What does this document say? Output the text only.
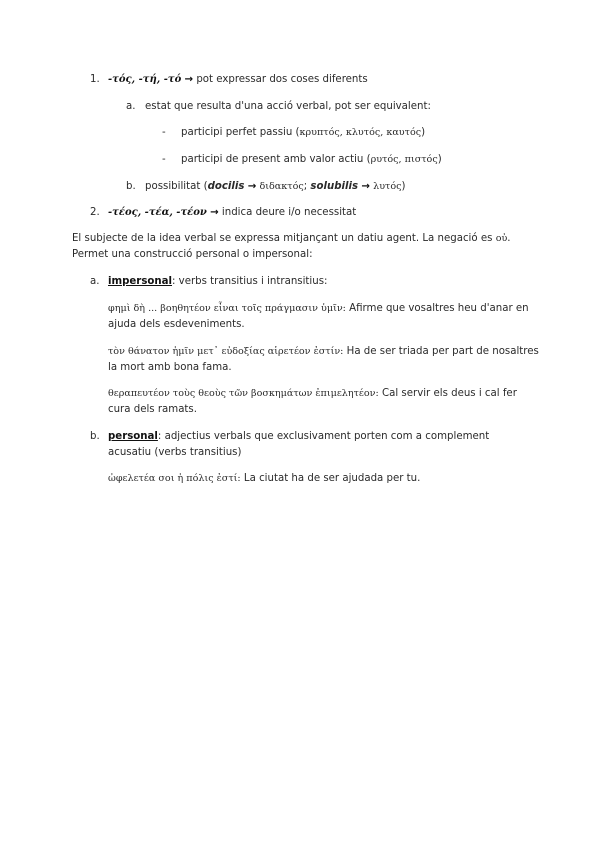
1. -τός, -τή, -τό → pot expressar dos coses diferents
a. estat que resulta d'una acció verbal, pot ser equivalent:
- participi perfet passiu (κρυπτός, κλυτός, καυτός)
- participi de present amb valor actiu (ρυτός, πιστός)
b. possibilitat (docilis → διδακτός; solubilis → λυτός)
2. -τέος, -τέα, -τέον → indica deure i/o necessitat
El subjecte de la idea verbal se expressa mitjançant un datiu agent. La negació es οὐ.
Permet una construcció personal o impersonal:
a. impersonal: verbs transitius i intransitius:
φημὶ δὴ ... βοηθητέον εἶναι τοῖς πράγμασιν ὑμῖν: Afirme que vosaltres heu d'anar en
ajuda dels esdeveniments.
τὸν θάνατον ἡμῖν μετ᾽ εὐδοξίας αἱρετέον ἐστίν: Ha de ser triada per part de nosaltres
la mort amb bona fama.
θεραπευτέον τοὺς θεοὺς τῶν βοσκημάτων ἐπιμελητέον: Cal servir els deus i cal fer
cura dels ramats.
b. personal: adjectius verbals que exclusivament porten com a complement
acusatiu (verbs transitius)
ὠφελετέα σοι ἡ πόλις ἐστί: La ciutat ha de ser ajudada per tu.
